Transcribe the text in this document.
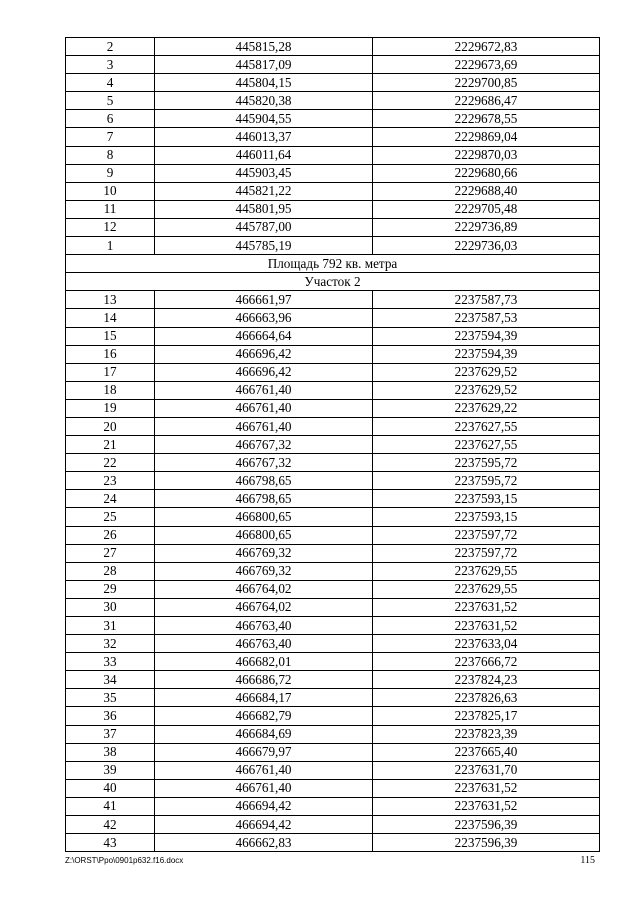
2	445815,28	2229672,83
3	445817,09	2229673,69
4	445804,15	2229700,85
5	445820,38	2229686,47
6	445904,55	2229678,55
7	446013,37	2229869,04
8	446011,64	2229870,03
9	445903,45	2229680,66
10	445821,22	2229688,40
11	445801,95	2229705,48
12	445787,00	2229736,89
1	445785,19	2229736,03
Площадь 792 кв. метра		
Участок 2		
13	466661,97	2237587,73
14	466663,96	2237587,53
15	466664,64	2237594,39
16	466696,42	2237594,39
17	466696,42	2237629,52
18	466761,40	2237629,52
19	466761,40	2237629,22
20	466761,40	2237627,55
21	466767,32	2237627,55
22	466767,32	2237595,72
23	466798,65	2237595,72
24	466798,65	2237593,15
25	466800,65	2237593,15
26	466800,65	2237597,72
27	466769,32	2237597,72
28	466769,32	2237629,55
29	466764,02	2237629,55
30	466764,02	2237631,52
31	466763,40	2237631,52
32	466763,40	2237633,04
33	466682,01	2237666,72
34	466686,72	2237824,23
35	466684,17	2237826,63
36	466682,79	2237825,17
37	466684,69	2237823,39
38	466679,97	2237665,40
39	466761,40	2237631,70
40	466761,40	2237631,52
41	466694,42	2237631,52
42	466694,42	2237596,39
43	466662,83	2237596,39
Z:\ORST\Ppo\0901p632.f16.docx	115
